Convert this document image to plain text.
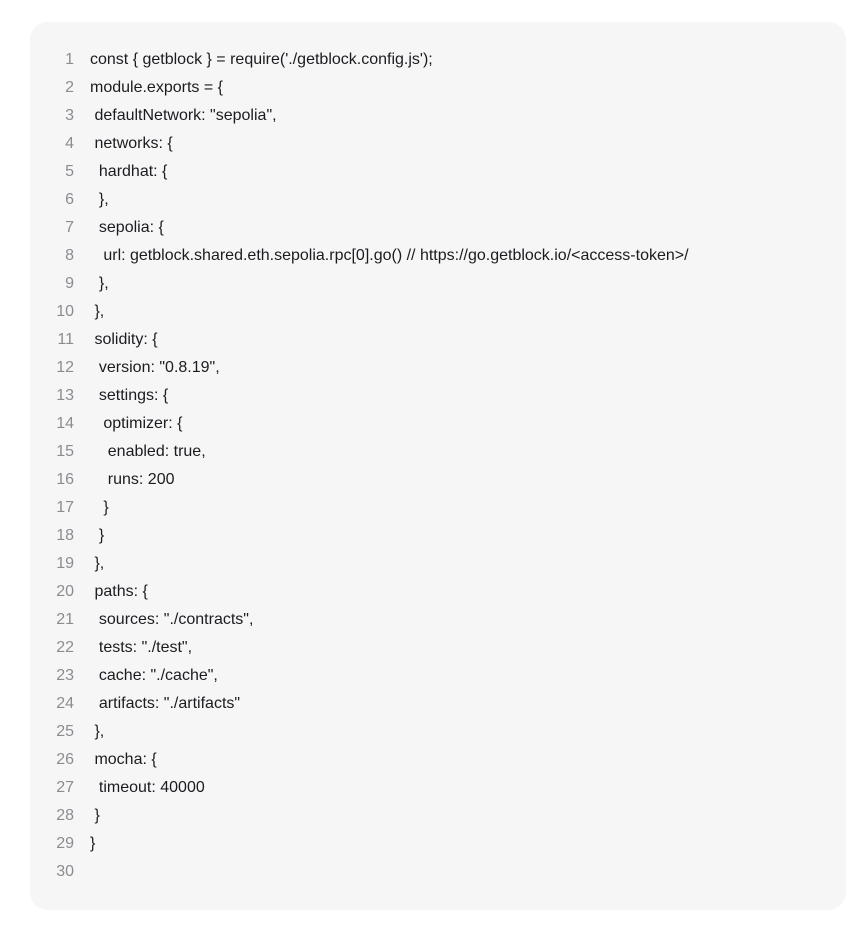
1 const { getblock } = require('./getblock.config.js');
2 module.exports = {
3 defaultNetwork: "sepolia",
4 networks: {
5 hardhat: {
6 },
7 sepolia: {
8 url: getblock.shared.eth.sepolia.rpc[0].go() // https://go.getblock.io/<access-token>/
9 },
10 },
11 solidity: {
12 version: "0.8.19",
13 settings: {
14 optimizer: {
15 enabled: true,
16 runs: 200
17 }
18 }
19 },
20 paths: {
21 sources: "./contracts",
22 tests: "./test",
23 cache: "./cache",
24 artifacts: "./artifacts"
25 },
26 mocha: {
27 timeout: 40000
28 }
29 }
30
